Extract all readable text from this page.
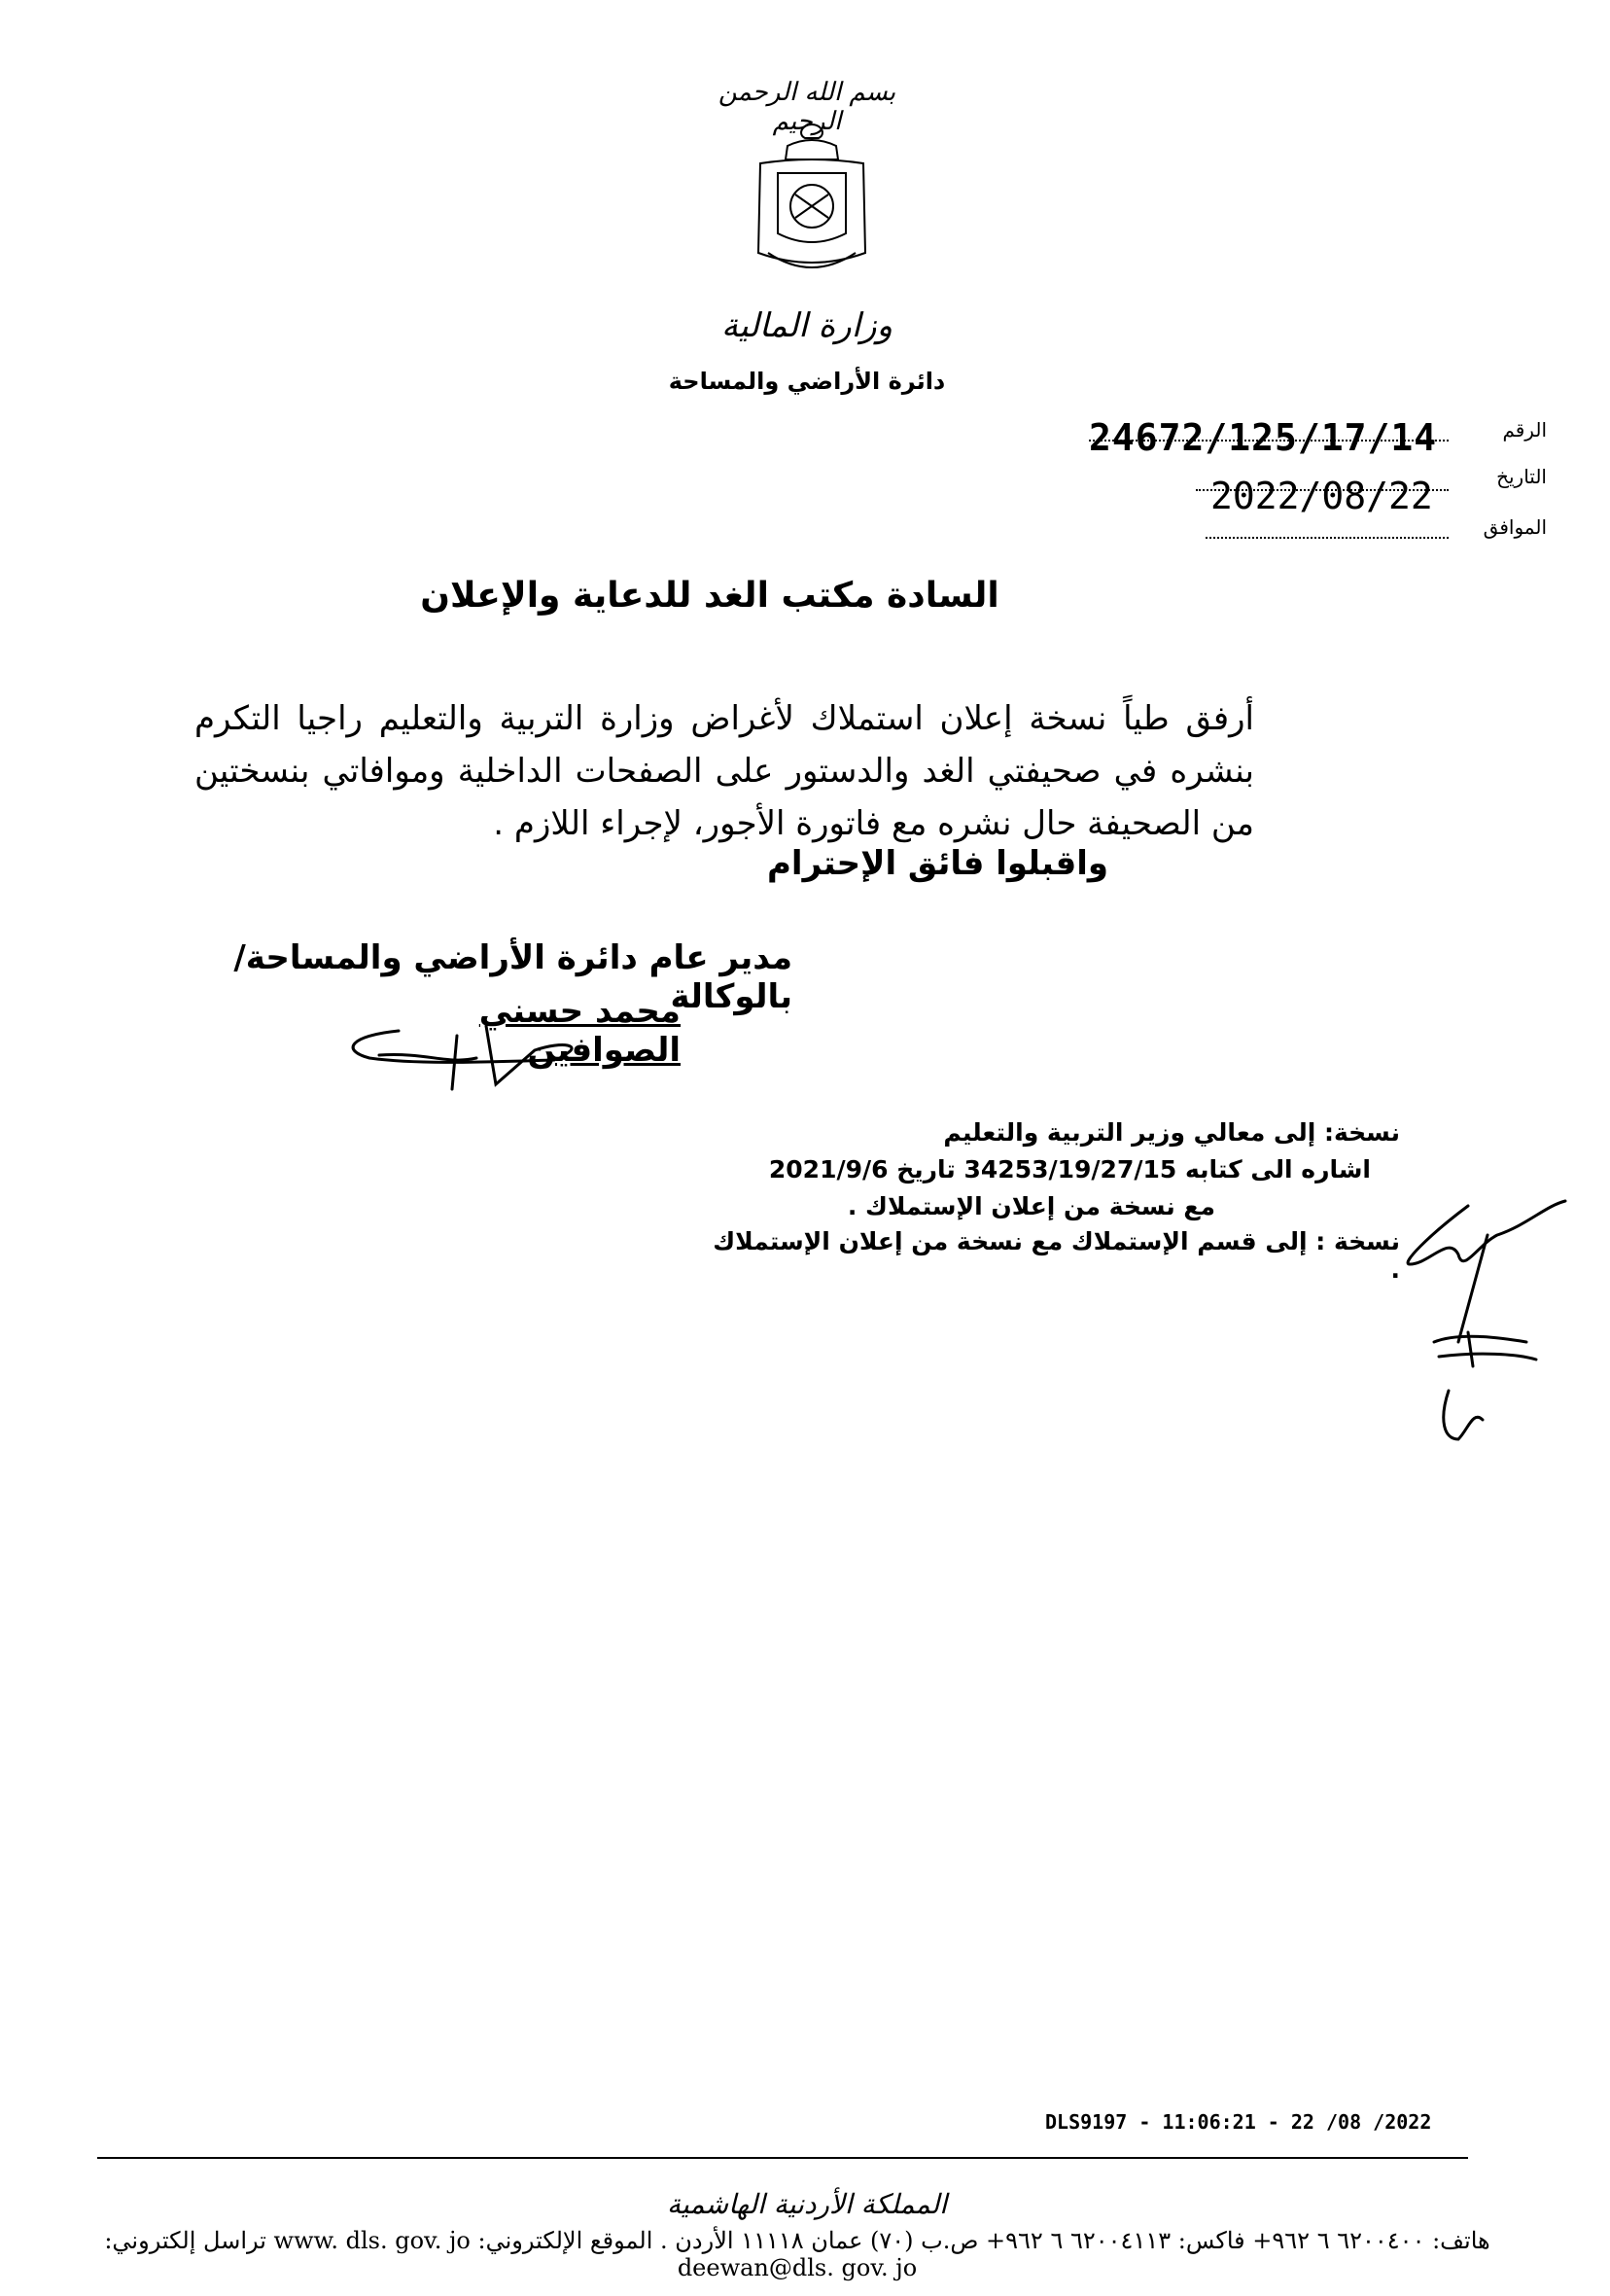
بسم الله الرحمن الرحيم
وزارة المالية
دائرة الأراضي والمساحة
الرقم
24672/125/17/14
التاريخ
2022/08/22
الموافق
السادة مكتب الغد للدعاية والإعلان
أرفق طياً نسخة إعلان استملاك لأغراض وزارة التربية والتعليم راجيا التكرم بنشره في صحيفتي الغد والدستور على الصفحات الداخلية وموافاتي بنسختين من الصحيفة حال نشره مع فاتورة الأجور، لإجراء اللازم .
واقبلوا فائق الإحترام
مدير عام دائرة الأراضي والمساحة/بالوكالة
محمد حسني الصوافين
نسخة: إلى معالي وزير التربية والتعليم
اشاره الى كتابه 34253/19/27/15 تاريخ 2021/9/6
مع نسخة من إعلان الإستملاك .
نسخة : إلى قسم الإستملاك مع نسخة من إعلان الإستملاك .
DLS9197 - 11:06:21 - 22 /08 /2022
المملكة الأردنية الهاشمية
هاتف: ٦٢٠٠٤٠٠ ٦ ٩٦٢+ فاكس: ٦٢٠٠٤١١٣ ٦ ٩٦٢+ ص.ب (٧٠) عمان ١١١١٨ الأردن . الموقع الإلكتروني: www. dls. gov. jo تراسل إلكتروني: deewan@dls. gov. jo
